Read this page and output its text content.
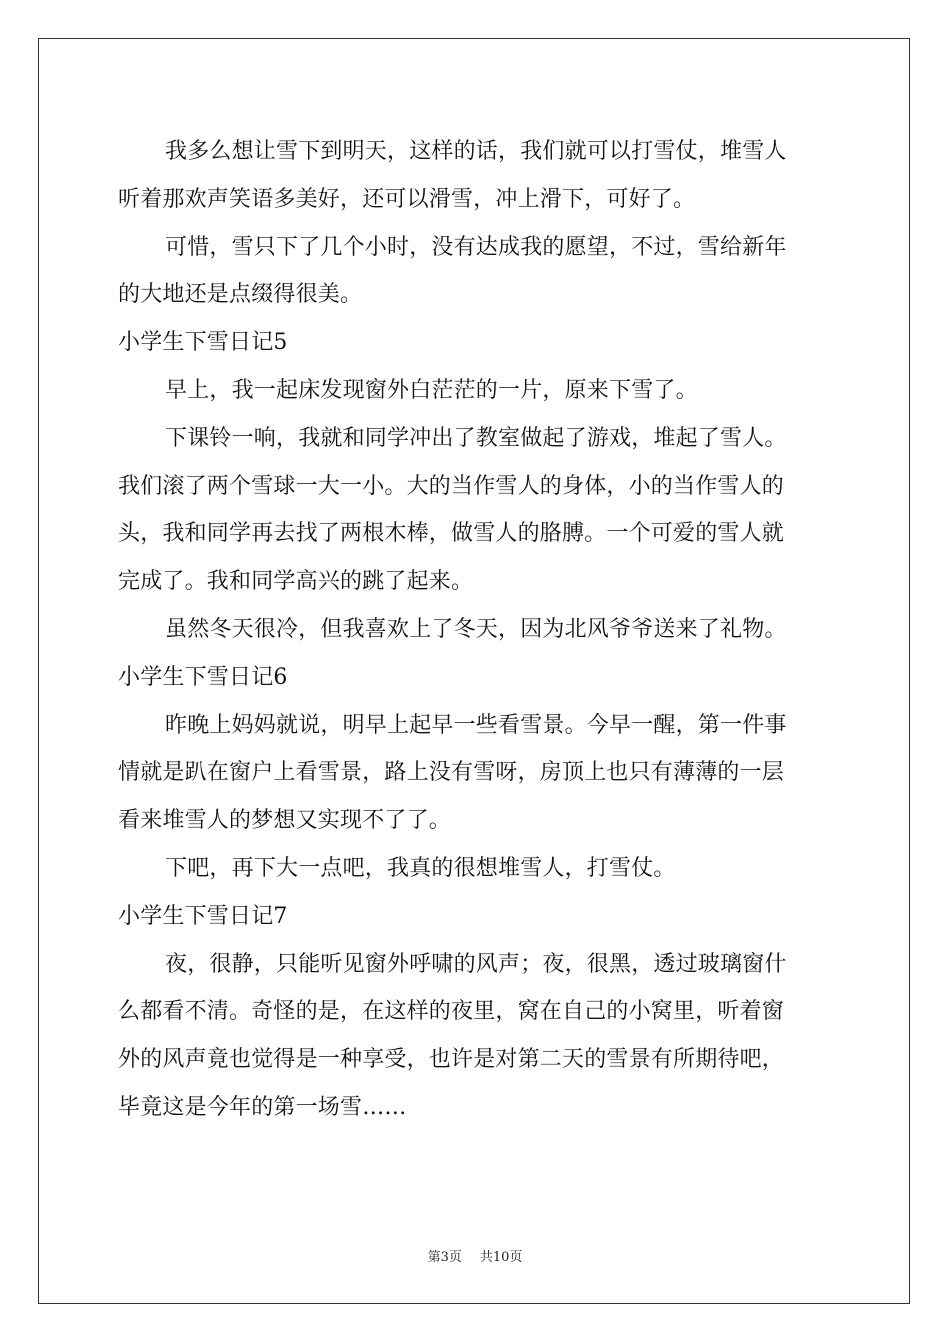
我多么想让雪下到明天，这样的话，我们就可以打雪仗，堆雪人
听着那欢声笑语多美好，还可以滑雪，冲上滑下，可好了。
可惜，雪只下了几个小时，没有达成我的愿望，不过，雪给新年
的大地还是点缀得很美。
小学生下雪日记5
早上，我一起床发现窗外白茫茫的一片，原来下雪了。
下课铃一响，我就和同学冲出了教室做起了游戏，堆起了雪人。
我们滚了两个雪球一大一小。大的当作雪人的身体，小的当作雪人的
头，我和同学再去找了两根木棒，做雪人的胳膊。一个可爱的雪人就
完成了。我和同学高兴的跳了起来。
虽然冬天很冷，但我喜欢上了冬天，因为北风爷爷送来了礼物。
小学生下雪日记6
昨晚上妈妈就说，明早上起早一些看雪景。今早一醒，第一件事
情就是趴在窗户上看雪景，路上没有雪呀，房顶上也只有薄薄的一层
看来堆雪人的梦想又实现不了了。
下吧，再下大一点吧，我真的很想堆雪人，打雪仗。
小学生下雪日记7
夜，很静，只能听见窗外呼啸的风声；夜，很黑，透过玻璃窗什
么都看不清。奇怪的是，在这样的夜里，窝在自己的小窝里，听着窗
外的风声竟也觉得是一种享受，也许是对第二天的雪景有所期待吧，
毕竟这是今年的第一场雪……
第3页 共10页
